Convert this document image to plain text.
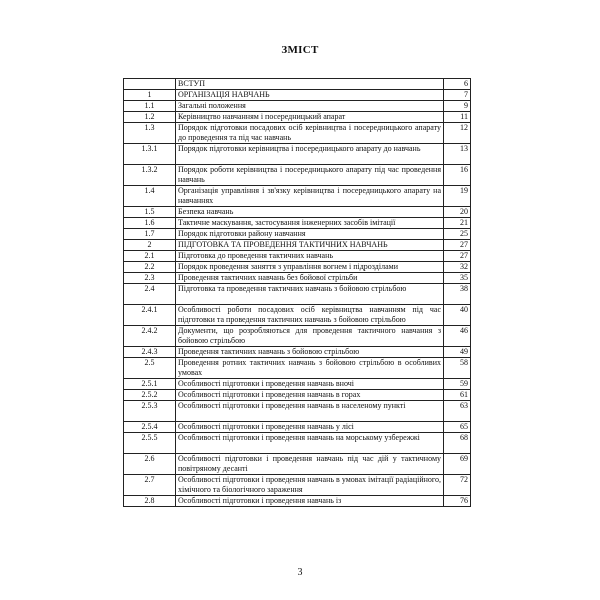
ЗМІСТ
	ВСТУП	6
1	ОРГАНІЗАЦІЯ НАВЧАНЬ	7
1.1	Загальні положення	9
1.2	Керівництво навчанням і посередницький апарат	11
1.3	Порядок підготовки посадових осіб керівництва і посередницького апарату до проведення та під час навчань	12
1.3.1	Порядок підготовки керівництва і посередницького апарату до навчань	13
1.3.2	Порядок роботи керівництва і посередницького апарату під час проведення навчань	16
1.4	Організація управління і зв'язку керівництва і посередницького апарату на навчаннях	19
1.5	Безпека навчань	20
1.6	Тактичне маскування, застосування інженерних засобів імітації	21
1.7	Порядок підготовки району навчання	25
2	ПІДГОТОВКА ТА ПРОВЕДЕННЯ ТАКТИЧНИХ НАВЧАНЬ	27
2.1	Підготовка до проведення тактичних навчань	27
2.2	Порядок проведення заняття з управління вогнем і підрозділами	32
2.3	Проведення тактичних навчань без бойової стрільби	35
2.4	Підготовка та проведення тактичних навчань з бойовою стрільбою	38
2.4.1	Особливості роботи посадових осіб керівництва навчанням під час підготовки та проведення тактичних навчань з бойовою стрільбою	40
2.4.2	Документи, що розробляються для проведення тактичного навчання з бойовою стрільбою	46
2.4.3	Проведення тактичних навчань з бойовою стрільбою	49
2.5	Проведення ротних тактичних навчань з бойовою стрільбою в особливих умовах	58
2.5.1	Особливості підготовки і проведення навчань вночі	59
2.5.2	Особливості підготовки і проведення навчань в горах	61
2.5.3	Особливості підготовки і проведення навчань в населеному пункті	63
2.5.4	Особливості підготовки і проведення навчань у лісі	65
2.5.5	Особливості підготовки і проведення навчань на морському узбережжі	68
2.6	Особливості підготовки і проведення навчань під час дій у тактичному повітряному десанті	69
2.7	Особливості підготовки і проведення навчань в умовах імітації радіаційного, хімічного та біологічного зараження	72
2.8	Особливості підготовки і проведення навчань із	76
3
